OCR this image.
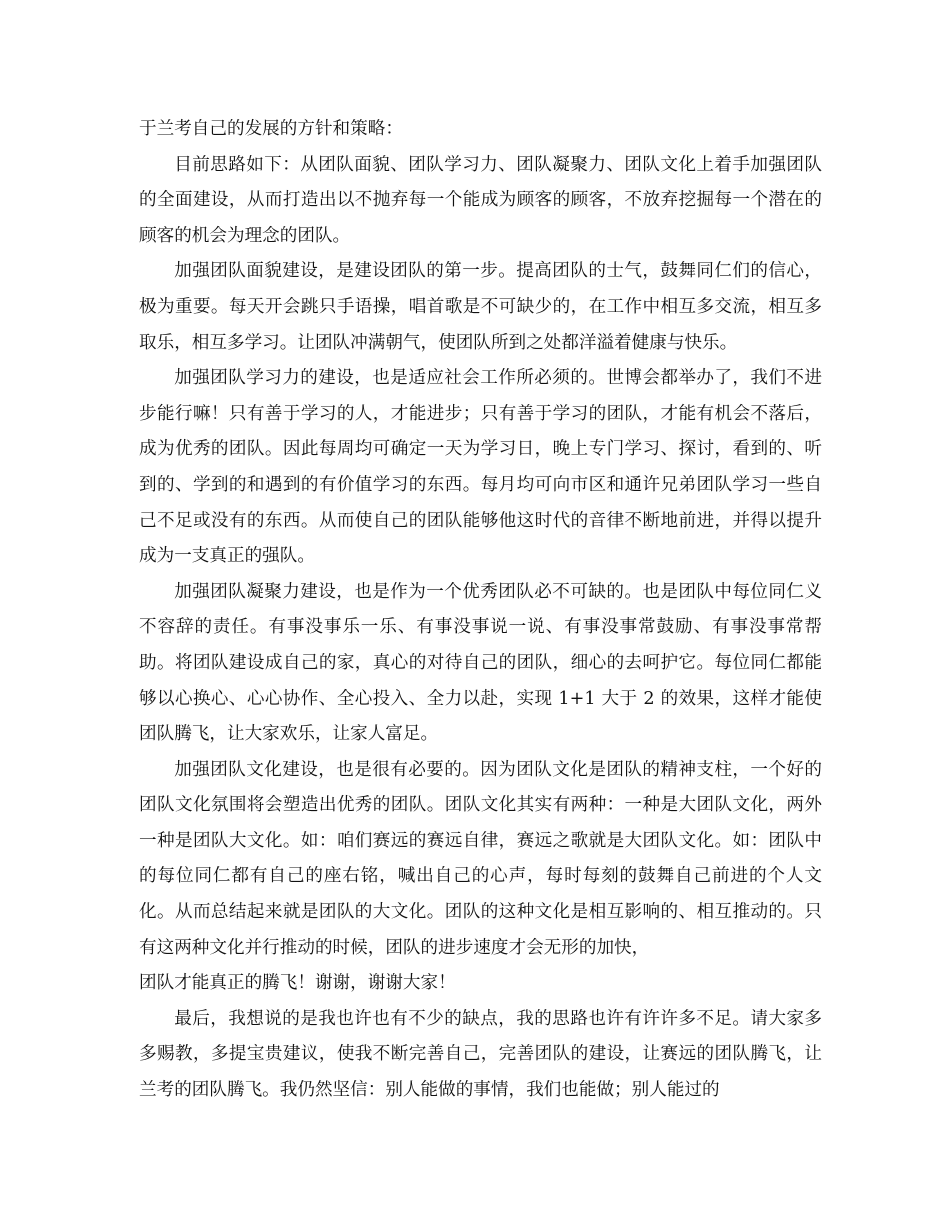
于兰考自己的发展的方针和策略：

目前思路如下：从团队面貌、团队学习力、团队凝聚力、团队文化上着手加强团队的全面建设，从而打造出以不抛弃每一个能成为顾客的顾客，不放弃挖掘每一个潜在的顾客的机会为理念的团队。

加强团队面貌建设，是建设团队的第一步。提高团队的士气，鼓舞同仁们的信心，极为重要。每天开会跳只手语操，唱首歌是不可缺少的，在工作中相互多交流，相互多取乐，相互多学习。让团队冲满朝气，使团队所到之处都洋溢着健康与快乐。

加强团队学习力的建设，也是适应社会工作所必须的。世博会都举办了，我们不进步能行嘛！只有善于学习的人，才能进步；只有善于学习的团队，才能有机会不落后，成为优秀的团队。因此每周均可确定一天为学习日，晚上专门学习、探讨，看到的、听到的、学到的和遇到的有价值学习的东西。每月均可向市区和通许兄弟团队学习一些自己不足或没有的东西。从而使自己的团队能够他这时代的音律不断地前进，并得以提升成为一支真正的强队。

加强团队凝聚力建设，也是作为一个优秀团队必不可缺的。也是团队中每位同仁义不容辞的责任。有事没事乐一乐、有事没事说一说、有事没事常鼓励、有事没事常帮助。将团队建设成自己的家，真心的对待自己的团队，细心的去呵护它。每位同仁都能够以心换心、心心协作、全心投入、全力以赴，实现 1+1 大于 2 的效果，这样才能使团队腾飞，让大家欢乐，让家人富足。

加强团队文化建设，也是很有必要的。因为团队文化是团队的精神支柱，一个好的团队文化氛围将会塑造出优秀的团队。团队文化其实有两种：一种是大团队文化，两外一种是团队大文化。如：咱们赛远的赛远自律，赛远之歌就是大团队文化。如：团队中的每位同仁都有自己的座右铭，喊出自己的心声，每时每刻的鼓舞自己前进的个人文化。从而总结起来就是团队的大文化。团队的这种文化是相互影响的、相互推动的。只有这两种文化并行推动的时候，团队的进步速度才会无形的加快，

团队才能真正的腾飞！谢谢，谢谢大家！

最后，我想说的是我也许也有不少的缺点，我的思路也许有许许多不足。请大家多多赐教，多提宝贵建议，使我不断完善自己，完善团队的建设，让赛远的团队腾飞，让兰考的团队腾飞。我仍然坚信：别人能做的事情，我们也能做；别人能过的
